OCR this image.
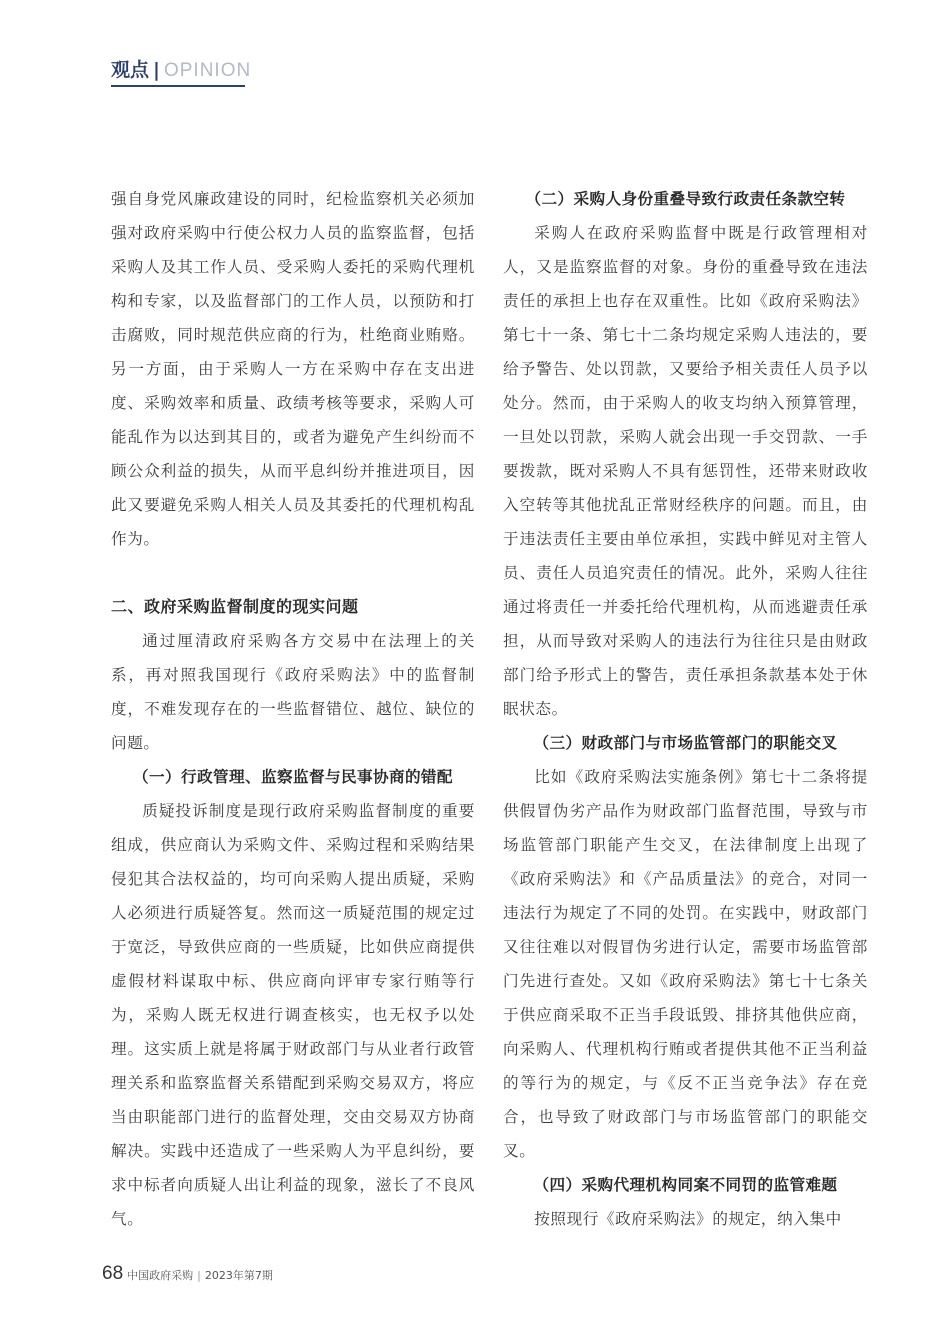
观点 | OPINION

强自身党风廉政建设的同时，纪检监察机关必须加强对政府采购中行使公权力人员的监察监督，包括采购人及其工作人员、受采购人委托的采购代理机构和专家，以及监督部门的工作人员，以预防和打击腐败，同时规范供应商的行为，杜绝商业贿赂。另一方面，由于采购人一方在采购中存在支出进度、采购效率和质量、政绩考核等要求，采购人可能乱作为以达到其目的，或者为避免产生纠纷而不顾公众利益的损失，从而平息纠纷并推进项目，因此又要避免采购人相关人员及其委托的代理机构乱作为。

二、政府采购监督制度的现实问题

通过厘清政府采购各方交易中在法理上的关系，再对照我国现行《政府采购法》中的监督制度，不难发现存在的一些监督错位、越位、缺位的问题。

（一）行政管理、监察监督与民事协商的错配

质疑投诉制度是现行政府采购监督制度的重要组成，供应商认为采购文件、采购过程和采购结果侵犯其合法权益的，均可向采购人提出质疑，采购人必须进行质疑答复。然而这一质疑范围的规定过于宽泛，导致供应商的一些质疑，比如供应商提供虚假材料谋取中标、供应商向评审专家行贿等行为，采购人既无权进行调查核实，也无权予以处理。这实质上就是将属于财政部门与从业者行政管理关系和监察监督关系错配到采购交易双方，将应当由职能部门进行的监督处理，交由交易双方协商解决。实践中还造成了一些采购人为平息纠纷，要求中标者向质疑人出让利益的现象，滋长了不良风气。

（二）采购人身份重叠导致行政责任条款空转

采购人在政府采购监督中既是行政管理相对人，又是监察监督的对象。身份的重叠导致在违法责任的承担上也存在双重性。比如《政府采购法》第七十一条、第七十二条均规定采购人违法的，要给予警告、处以罚款，又要给予相关责任人员予以处分。然而，由于采购人的收支均纳入预算管理，一旦处以罚款，采购人就会出现一手交罚款、一手要拨款，既对采购人不具有惩罚性，还带来财政收入空转等其他扰乱正常财经秩序的问题。而且，由于违法责任主要由单位承担，实践中鲜见对主管人员、责任人员追究责任的情况。此外，采购人往往通过将责任一并委托给代理机构，从而逃避责任承担，从而导致对采购人的违法行为往往只是由财政部门给予形式上的警告，责任承担条款基本处于休眠状态。

（三）财政部门与市场监管部门的职能交叉

比如《政府采购法实施条例》第七十二条将提供假冒伪劣产品作为财政部门监督范围，导致与市场监管部门职能产生交叉，在法律制度上出现了《政府采购法》和《产品质量法》的竞合，对同一违法行为规定了不同的处罚。在实践中，财政部门又往往难以对假冒伪劣进行认定，需要市场监管部门先进行查处。又如《政府采购法》第七十七条关于供应商采取不正当手段诋毁、排挤其他供应商，向采购人、代理机构行贿或者提供其他不正当利益的等行为的规定，与《反不正当竞争法》存在竞合，也导致了财政部门与市场监管部门的职能交叉。

（四）采购代理机构同案不同罚的监管难题

按照现行《政府采购法》的规定，纳入集中

68 中国政府采购 | 2023年第7期
